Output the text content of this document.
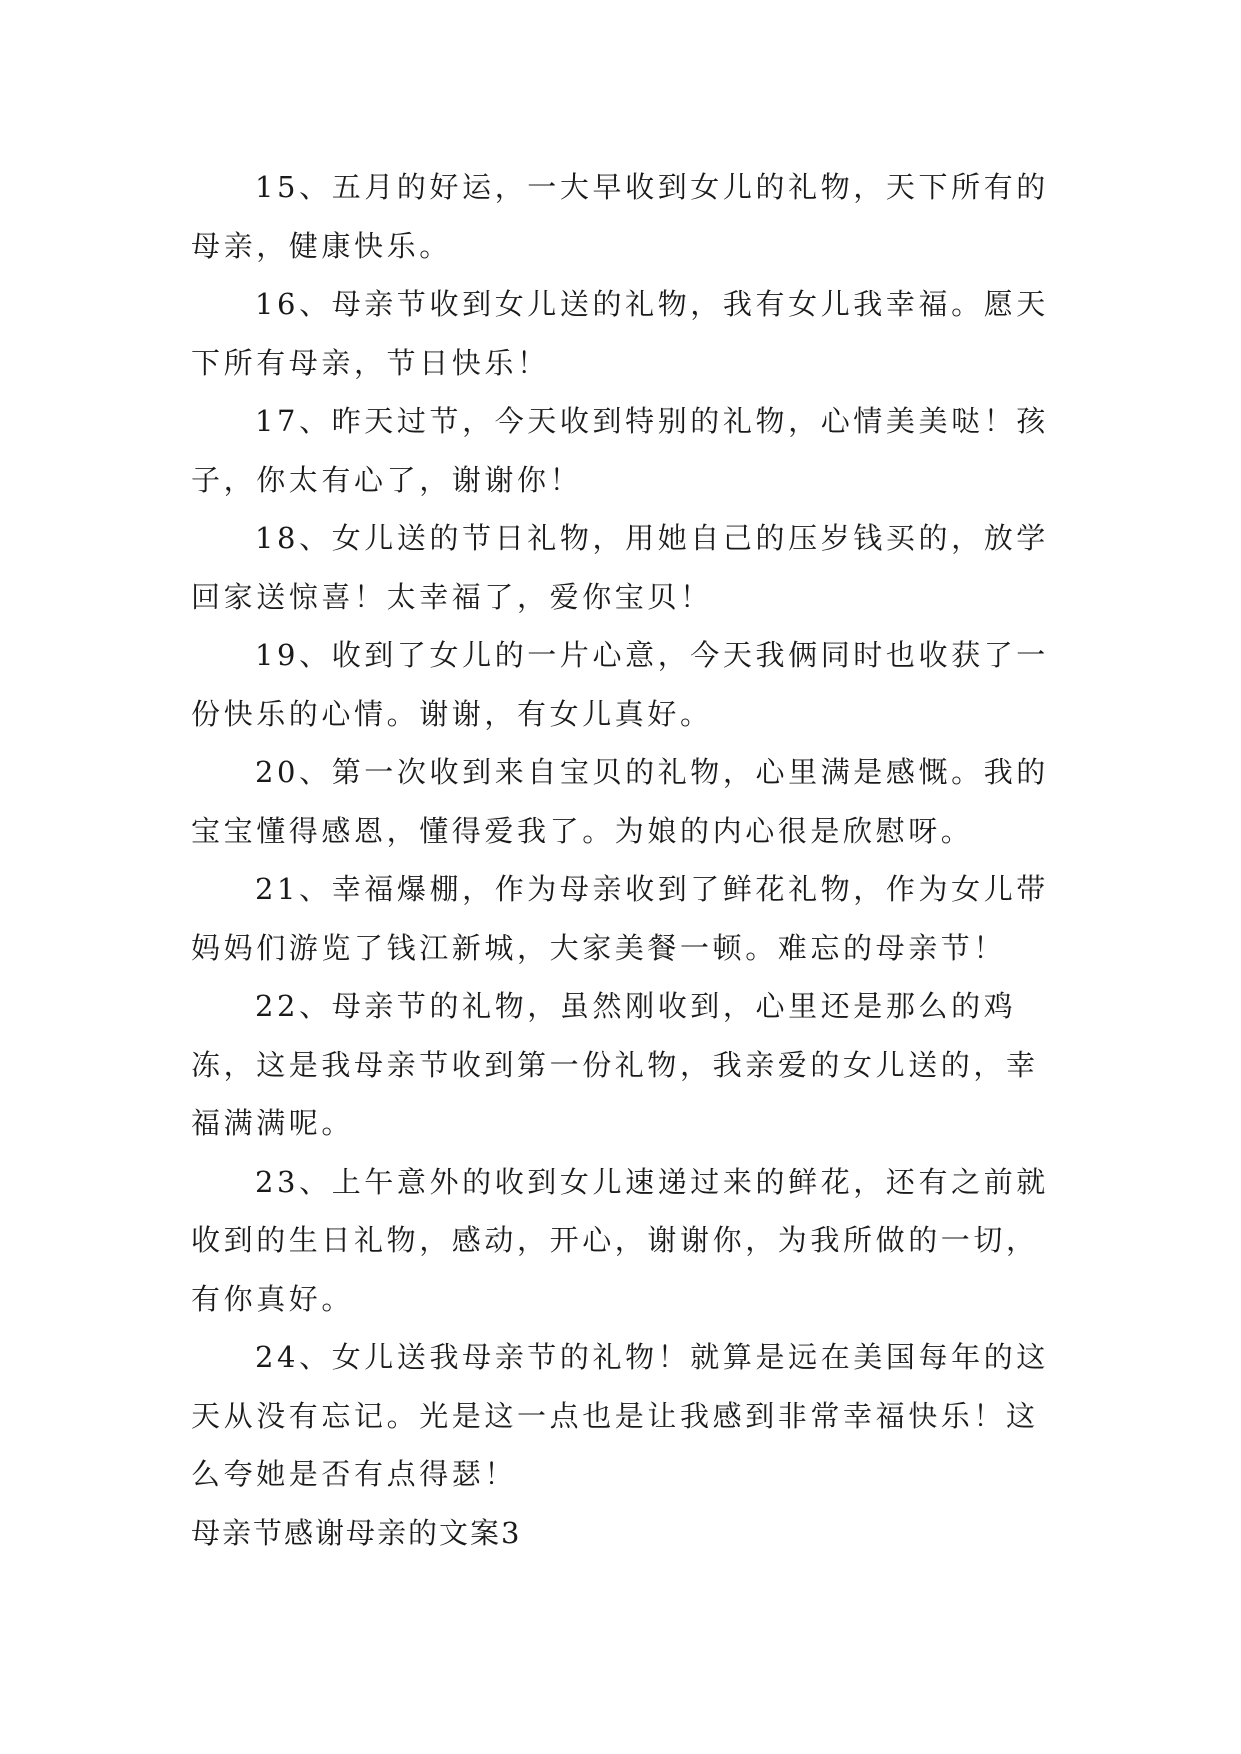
15、五月的好运，一大早收到女儿的礼物，天下所有的母亲，健康快乐。

16、母亲节收到女儿送的礼物，我有女儿我幸福。愿天下所有母亲，节日快乐！

17、昨天过节，今天收到特别的礼物，心情美美哒！孩子，你太有心了，谢谢你！

18、女儿送的节日礼物，用她自己的压岁钱买的，放学回家送惊喜！太幸福了，爱你宝贝！

19、收到了女儿的一片心意，今天我俩同时也收获了一份快乐的心情。谢谢，有女儿真好。

20、第一次收到来自宝贝的礼物，心里满是感慨。我的宝宝懂得感恩，懂得爱我了。为娘的内心很是欣慰呀。

21、幸福爆棚，作为母亲收到了鲜花礼物，作为女儿带妈妈们游览了钱江新城，大家美餐一顿。难忘的母亲节！

22、母亲节的礼物，虽然刚收到，心里还是那么的鸡冻，这是我母亲节收到第一份礼物，我亲爱的女儿送的，幸福满满呢。

23、上午意外的收到女儿速递过来的鲜花，还有之前就收到的生日礼物，感动，开心，谢谢你，为我所做的一切，有你真好。

24、女儿送我母亲节的礼物！就算是远在美国每年的这天从没有忘记。光是这一点也是让我感到非常幸福快乐！这么夸她是否有点得瑟！

母亲节感谢母亲的文案3
